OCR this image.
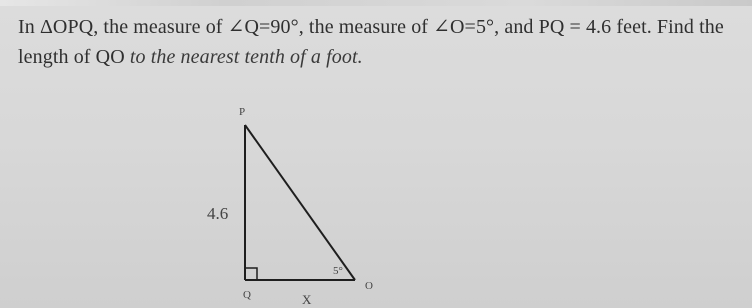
In ΔOPQ, the measure of ∠Q=90°, the measure of ∠O=5°, and PQ = 4.6 feet. Find the
length of QO to the nearest tenth of a foot.
P
Q
O
4.6
5°
X
